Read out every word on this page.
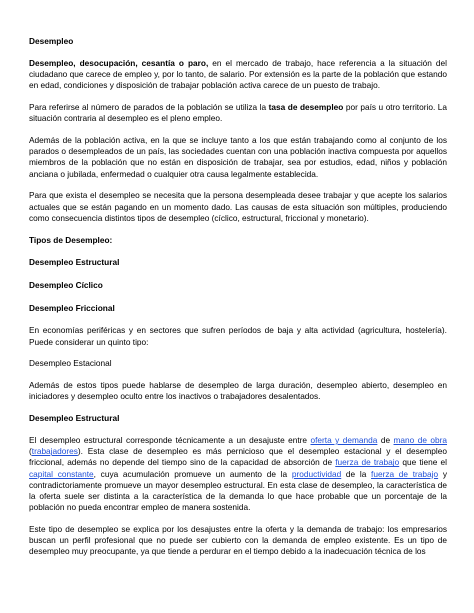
Desempleo

Desempleo, desocupación, cesantía o paro, en el mercado de trabajo, hace referencia a la situación del ciudadano que carece de empleo y, por lo tanto, de salario. Por extensión es la parte de la población que estando en edad, condiciones y disposición de trabajar población activa carece de un puesto de trabajo.

Para referirse al número de parados de la población se utiliza la tasa de desempleo por país u otro territorio. La situación contraria al desempleo es el pleno empleo.

Además de la población activa, en la que se incluye tanto a los que están trabajando como al conjunto de los parados o desempleados de un país, las sociedades cuentan con una población inactiva compuesta por aquellos miembros de la población que no están en disposición de trabajar, sea por estudios, edad, niños y población anciana o jubilada, enfermedad o cualquier otra causa legalmente establecida.

Para que exista el desempleo se necesita que la persona desempleada desee trabajar y que acepte los salarios actuales que se están pagando en un momento dado. Las causas de esta situación son múltiples, produciendo como consecuencia distintos tipos de desempleo (cíclico, estructural, friccional y monetario).

Tipos de Desempleo:
Desempleo Estructural
Desempleo Cíclico
Desempleo Friccional

En economías periféricas y en sectores que sufren períodos de baja y alta actividad (agricultura, hostelería). Puede considerar un quinto tipo:

Desempleo Estacional

Además de estos tipos puede hablarse de desempleo de larga duración, desempleo abierto, desempleo en iniciadores y desempleo oculto entre los inactivos o trabajadores desalentados.

Desempleo Estructural

El desempleo estructural corresponde técnicamente a un desajuste entre oferta y demanda de mano de obra (trabajadores). Esta clase de desempleo es más pernicioso que el desempleo estacional y el desempleo friccional, además no depende del tiempo sino de la capacidad de absorción de fuerza de trabajo que tiene el capital constante, cuya acumulación promueve un aumento de la productividad de la fuerza de trabajo y contradictoriamente promueve un mayor desempleo estructural. En esta clase de desempleo, la característica de la oferta suele ser distinta a la característica de la demanda lo que hace probable que un porcentaje de la población no pueda encontrar empleo de manera sostenida.

Este tipo de desempleo se explica por los desajustes entre la oferta y la demanda de trabajo: los empresarios buscan un perfil profesional que no puede ser cubierto con la demanda de empleo existente. Es un tipo de desempleo muy preocupante, ya que tiende a perdurar en el tiempo debido a la inadecuación técnica de los
